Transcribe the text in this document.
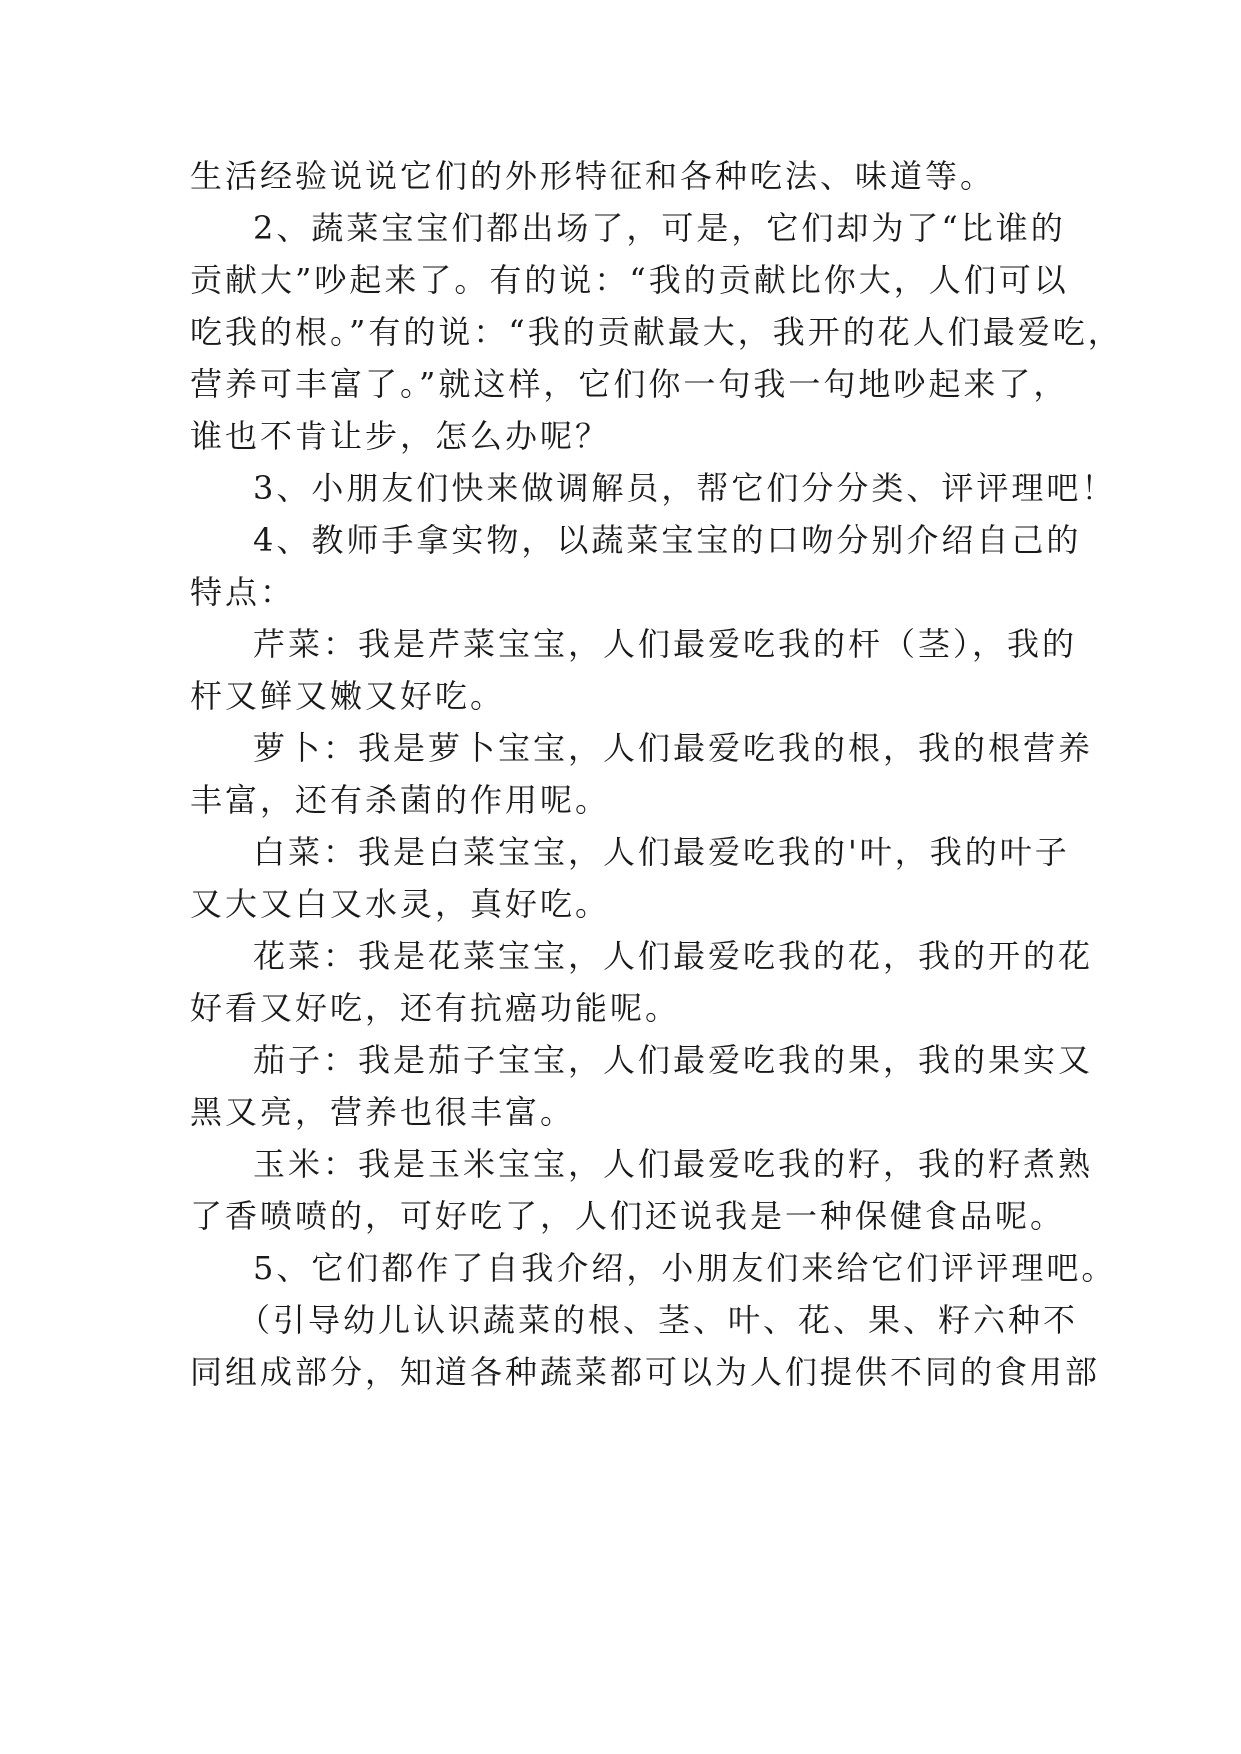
生活经验说说它们的外形特征和各种吃法、味道等。
2、蔬菜宝宝们都出场了，可是，它们却为了“比谁的
贡献大”吵起来了。有的说：“我的贡献比你大，人们可以
吃我的根。”有的说：“我的贡献最大，我开的花人们最爱吃，
营养可丰富了。”就这样，它们你一句我一句地吵起来了，
谁也不肯让步，怎么办呢？
3、小朋友们快来做调解员，帮它们分分类、评评理吧！
4、教师手拿实物，以蔬菜宝宝的口吻分别介绍自己的
特点：
芹菜：我是芹菜宝宝，人们最爱吃我的杆（茎），我的
杆又鲜又嫩又好吃。
萝卜：我是萝卜宝宝，人们最爱吃我的根，我的根营养
丰富，还有杀菌的作用呢。
白菜：我是白菜宝宝，人们最爱吃我的'叶，我的叶子
又大又白又水灵，真好吃。
花菜：我是花菜宝宝，人们最爱吃我的花，我的开的花
好看又好吃，还有抗癌功能呢。
茄子：我是茄子宝宝，人们最爱吃我的果，我的果实又
黑又亮，营养也很丰富。
玉米：我是玉米宝宝，人们最爱吃我的籽，我的籽煮熟
了香喷喷的，可好吃了，人们还说我是一种保健食品呢。
5、它们都作了自我介绍，小朋友们来给它们评评理吧。
（引导幼儿认识蔬菜的根、茎、叶、花、果、籽六种不
同组成部分，知道各种蔬菜都可以为人们提供不同的食用部
